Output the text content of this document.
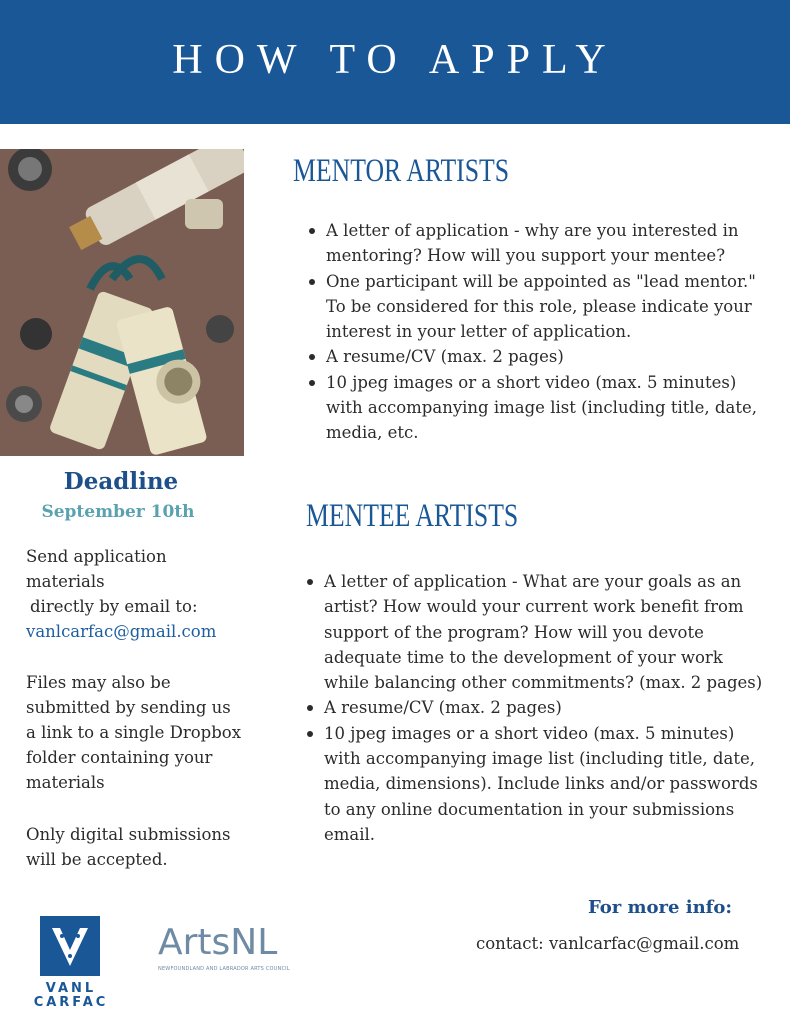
HOW TO APPLY
Deadline
September 10th
Send application
materials
directly by email to:
vanlcarfac@gmail.com
Files may also be
submitted by sending us
a link to a single Dropbox
folder containing your
materials
Only digital submissions
will be accepted.
MENTOR ARTISTS
A letter of application - why are you interested in mentoring? How will you support your mentee?
One participant will be appointed as "lead mentor." To be considered for this role, please indicate your interest in your letter of application.
A resume/CV (max. 2 pages)
10 jpeg images or a short video (max. 5 minutes) with accompanying image list (including title, date, media, etc.
MENTEE ARTISTS
A letter of application - What are your goals as an artist? How would your current work benefit from support of the program? How will you devote adequate time to the development of your work while balancing other commitments? (max. 2 pages)
A resume/CV (max. 2 pages)
10 jpeg images or a short video (max. 5 minutes) with accompanying image list (including title, date, media, dimensions). Include links and/or passwords to any online documentation in your submissions email.
For more info:
contact: vanlcarfac@gmail.com
VANL
CARFAC
ArtsNL
NEWFOUNDLAND AND LABRADOR ARTS COUNCIL
